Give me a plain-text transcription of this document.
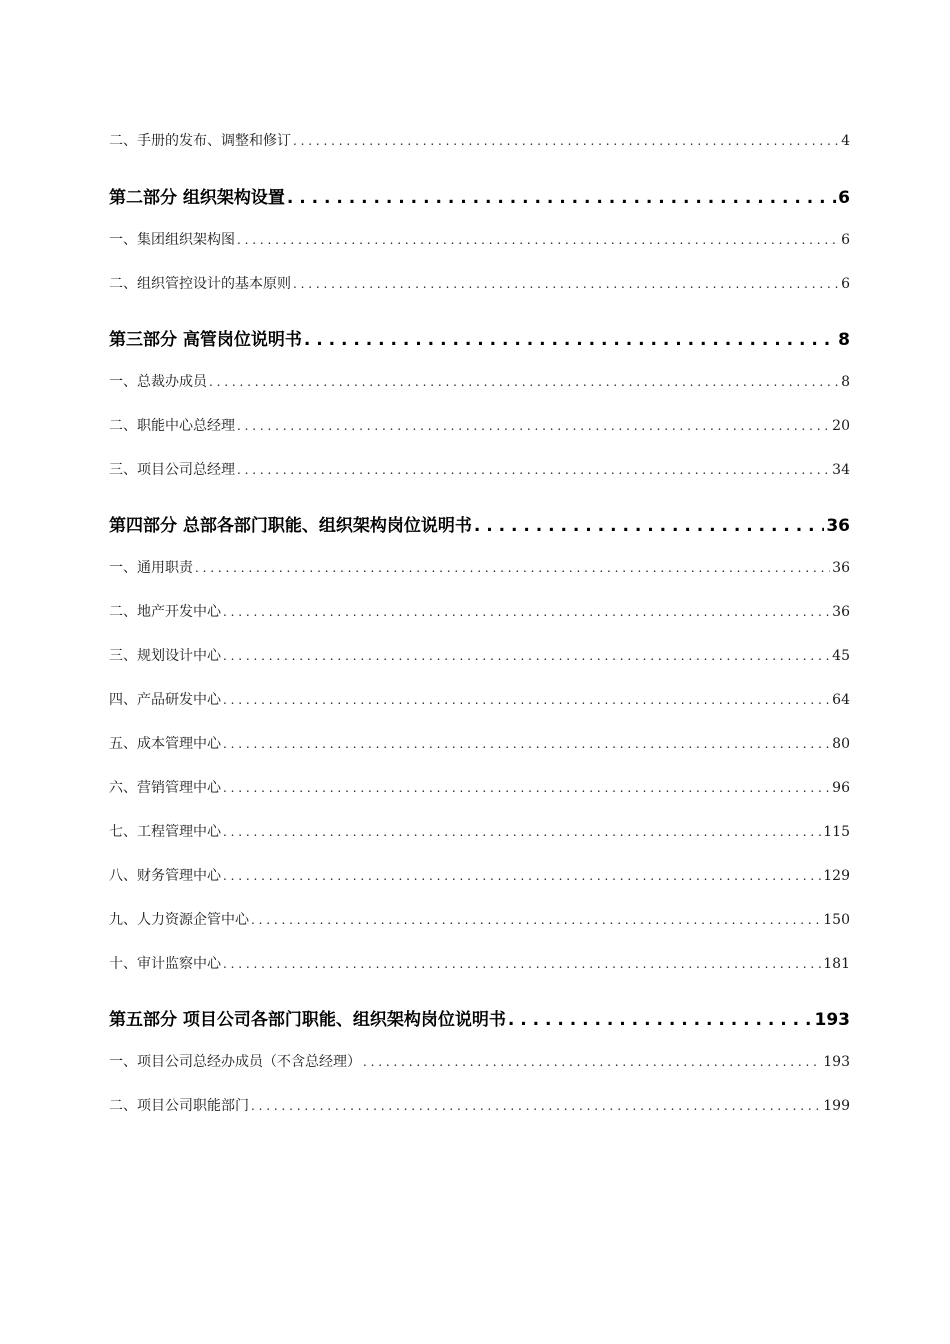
二、手册的发布、调整和修订 . . .	4
第二部分 组织架构设置 . . .	6
一、集团组织架构图 . . .	6
二、组织管控设计的基本原则 . . .	6
第三部分 高管岗位说明书 . . .	8
一、总裁办成员 . . .	8
二、职能中心总经理 . . .	20
三、项目公司总经理 . . .	34
第四部分 总部各部门职能、组织架构岗位说明书 . . .	36
一、通用职责 . . .	36
二、地产开发中心 . . .	36
三、规划设计中心 . . .	45
四、产品研发中心 . . .	64
五、成本管理中心 . . .	80
六、营销管理中心 . . .	96
七、工程管理中心 . . .	115
八、财务管理中心 . . .	129
九、人力资源企管中心 . . .	150
十、审计监察中心 . . .	181
第五部分 项目公司各部门职能、组织架构岗位说明书 . . .	193
一、项目公司总经办成员（不含总经理） . . .	193
二、项目公司职能部门 . . .	199
